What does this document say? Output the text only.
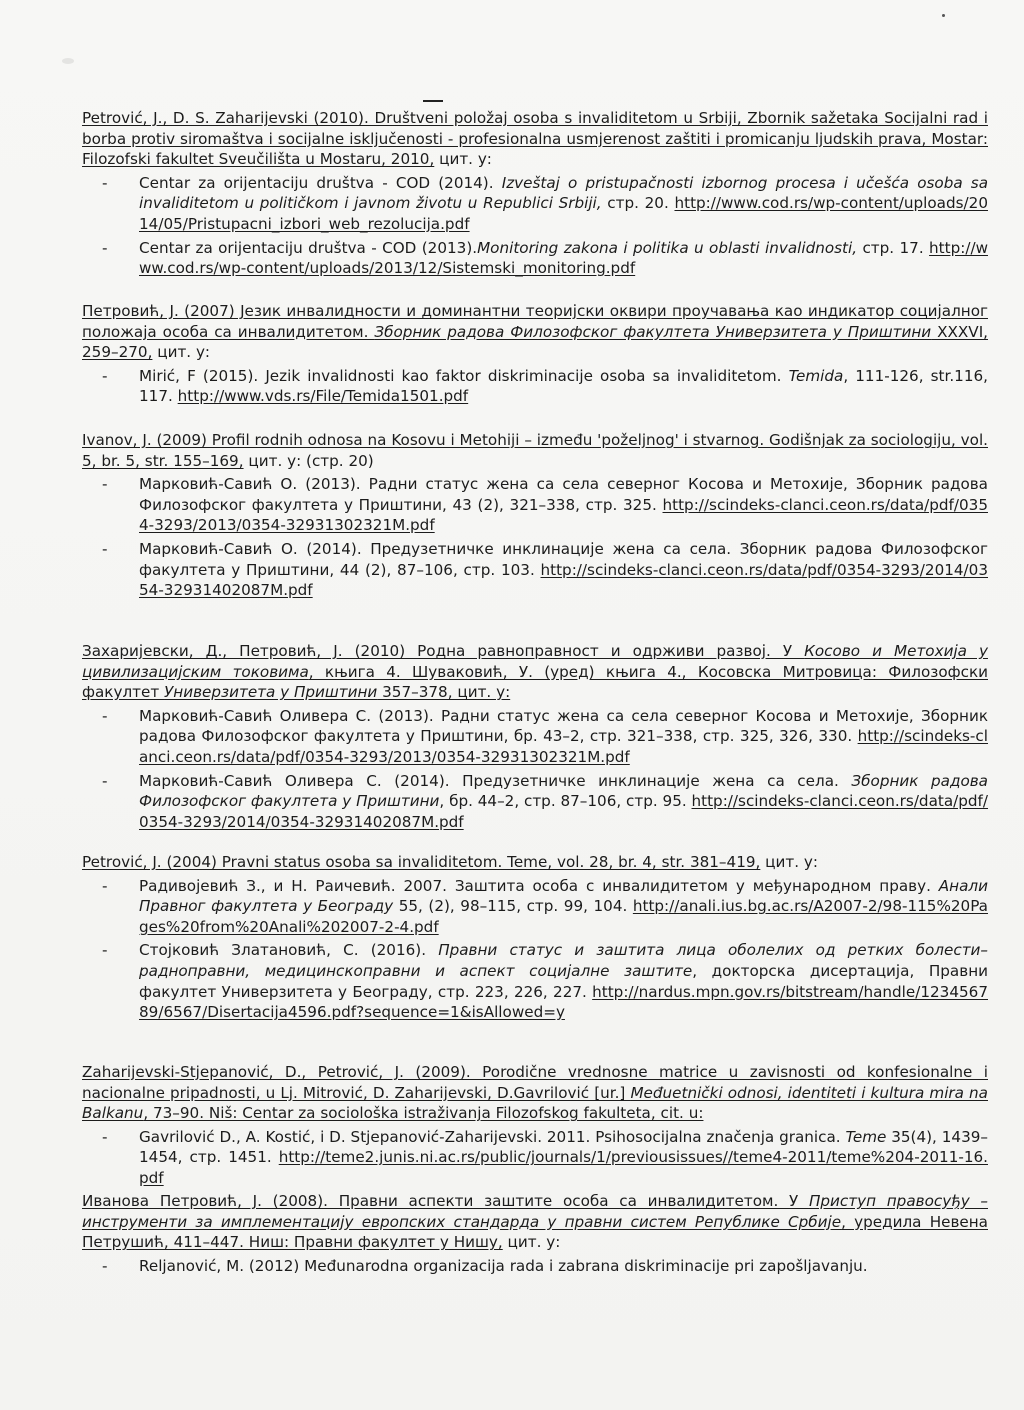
Petrović, J., D. S. Zaharijevski (2010). Društveni položaj osoba s invaliditetom u Srbiji, Zbornik sažetaka Socijalni rad i borba protiv siromaštva i socijalne isključenosti - profesionalna usmjerenost zaštiti i promicanju ljudskih prava, Mostar: Filozofski fakultet Sveučilišta u Mostaru, 2010, цит. у:
- Centar za orijentaciju društva - COD (2014). Izveštaj o pristupačnosti izbornog procesa i učešća osoba sa invaliditetom u političkom i javnom životu u Republici Srbiji, стр. 20. http://www.cod.rs/wp-content/uploads/2014/05/Pristupacni_izbori_web_rezolucija.pdf
- Centar za orijentaciju društva - COD (2013).Monitoring zakona i politika u oblasti invalidnosti, стр. 17. http://www.cod.rs/wp-content/uploads/2013/12/Sistemski_monitoring.pdf
Петровић, Ј. (2007) Језик инвалидности и доминантни теоријски оквири проучавања као индикатор социјалног положаја особа са инвалидитетом. Зборник радова Филозофског факултета Универзитета у Приштини XXXVI, 259–270, цит. у:
- Mirić, F (2015). Jezik invalidnosti kao faktor diskriminacije osoba sa invaliditetom. Temida, 111-126, str.116, 117. http://www.vds.rs/File/Temida1501.pdf
Ivanov, J. (2009) Profil rodnih odnosa na Kosovu i Metohiji – između 'poželjnog' i stvarnog. Godišnjak za sociologiju, vol. 5, br. 5, str. 155–169, цит. у: (стр. 20)
- Марковић-Савић О. (2013). Радни статус жена са села северног Косова и Метохије, Зборник радова Филозофског факултета у Приштини, 43 (2), 321–338, стр. 325. http://scindeks-clanci.ceon.rs/data/pdf/0354-3293/2013/0354-32931302321M.pdf
- Марковић-Савић О. (2014). Предузетничке инклинације жена са села. Зборник радова Филозофског факултета у Приштини, 44 (2), 87–106, стр. 103. http://scindeks-clanci.ceon.rs/data/pdf/0354-3293/2014/0354-32931402087M.pdf
Захаријевски, Д., Петровић, Ј. (2010) Родна равноправност и одрживи развој. У Косово и Метохија у цивилизацијским токовима, књига 4. Шуваковић, У. (уред) књига 4., Косовска Митровица: Филозофски факултет Универзитета у Приштини 357–378, цит. у:
- Марковић-Савић Оливера С. (2013). Радни статус жена са села северног Косова и Метохије, Зборник радова Филозофског факултета у Приштини, бр. 43–2, стр. 321–338, стр. 325, 326, 330. http://scindeks-clanci.ceon.rs/data/pdf/0354-3293/2013/0354-32931302321M.pdf
- Марковић-Савић Оливера С. (2014). Предузетничке инклинације жена са села. Зборник радова Филозофског факултета у Приштини, бр. 44–2, стр. 87–106, стр. 95. http://scindeks-clanci.ceon.rs/data/pdf/0354-3293/2014/0354-32931402087M.pdf
Petrović, J. (2004) Pravni status osoba sa invaliditetom. Teme, vol. 28, br. 4, str. 381–419, цит. у:
- Радивојевић З., и Н. Раичевић. 2007. Заштита особа с инвалидитетом у међународном праву. Анали Правног факултета у Београду 55, (2), 98–115, стр. 99, 104. http://anali.ius.bg.ac.rs/A2007-2/98-115%20Pages%20from%20Anali%202007-2-4.pdf
- Стојковић Златановић, С. (2016). Правни статус и заштита лица оболелих од ретких болести–радноправни, медицинскоправни и аспект социјалне заштите, докторска дисертација, Правни факултет Универзитета у Београду, стр. 223, 226, 227. http://nardus.mpn.gov.rs/bitstream/handle/123456789/6567/Disertacija4596.pdf?sequence=1&isAllowed=y
Zaharijevski-Stjepanović, D., Petrović, J. (2009). Porodične vrednosne matrice u zavisnosti od konfesionalne i nacionalne pripadnosti, u Lj. Mitrović, D. Zaharijevski, D.Gavrilović [ur.] Međuetnički odnosi, identiteti i kultura mira na Balkanu, 73–90. Niš: Centar za sociološka istraživanja Filozofskog fakulteta, cit. u:
- Gavrilović D., A. Kostić, i D. Stjepanović-Zaharijevski. 2011. Psihosocijalna značenja granica. Teme 35(4), 1439–1454, стр. 1451. http://teme2.junis.ni.ac.rs/public/journals/1/previousissues//teme4-2011/teme%204-2011-16.pdf
Иванова Петровић, Ј. (2008). Правни аспекти заштите особа са инвалидитетом. У Приступ правосуђу – инструменти за имплементацију европских стандарда у правни систем Републике Србије, уредила Невена Петрушић, 411–447. Ниш: Правни факултет у Нишу, цит. у:
- Reljanović, M. (2012) Međunarodna organizacija rada i zabrana diskriminacije pri zapošljavanju.
